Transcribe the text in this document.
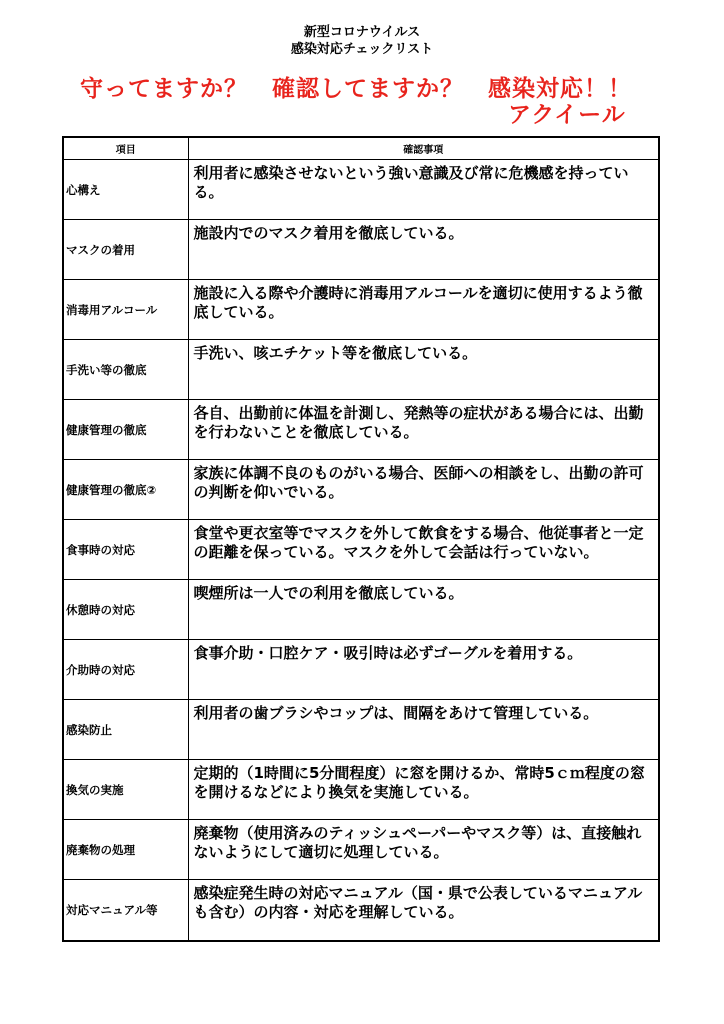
新型コロナウイルス
感染対応チェックリスト
守ってますか？　確認してますか？　感染対応！！
アクイール
項目	確認事項
心構え	利用者に感染させないという強い意識及び常に危機感を持っている。

マスクの着用	施設内でのマスク着用を徹底している。

消毒用アルコール	施設に入る際や介護時に消毒用アルコールを適切に使用するよう徹底している。

手洗い等の徹底	手洗い、咳エチケット等を徹底している。

健康管理の徹底	各自、出勤前に体温を計測し、発熱等の症状がある場合には、出勤を行わないことを徹底している。

健康管理の徹底②	家族に体調不良のものがいる場合、医師への相談をし、出勤の許可の判断を仰いでいる。

食事時の対応	食堂や更衣室等でマスクを外して飲食をする場合、他従事者と一定の距離を保っている。マスクを外して会話は行っていない。

休憩時の対応	喫煙所は一人での利用を徹底している。

介助時の対応	食事介助・口腔ケア・吸引時は必ずゴーグルを着用する。

感染防止	利用者の歯ブラシやコップは、間隔をあけて管理している。

換気の実施	定期的（1時間に5分間程度）に窓を開けるか、常時5ｃｍ程度の窓を開けるなどにより換気を実施している。

廃棄物の処理	廃棄物（使用済みのティッシュペーパーやマスク等）は、直接触れないようにして適切に処理している。

対応マニュアル等	感染症発生時の対応マニュアル（国・県で公表しているマニュアルも含む）の内容・対応を理解している。
